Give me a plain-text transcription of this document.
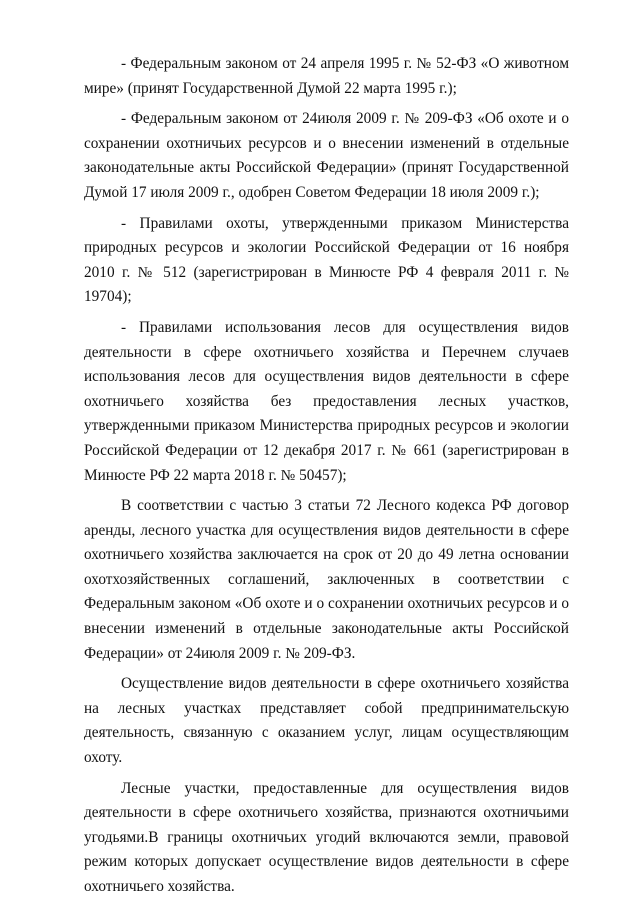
- Федеральным законом от 24 апреля 1995 г. № 52-ФЗ «О животном мире» (принят Государственной Думой 22 марта 1995 г.);

- Федеральным законом от 24июля 2009 г. № 209-ФЗ «Об охоте и о сохранении охотничьих ресурсов и о внесении изменений в отдельные законодательные акты Российской Федерации» (принят Государственной Думой 17 июля 2009 г., одобрен Советом Федерации 18 июля 2009 г.);

- Правилами охоты, утвержденными приказом Министерства природных ресурсов и экологии Российской Федерации от 16 ноября 2010 г. № 512 (зарегистрирован в Минюсте РФ 4 февраля 2011 г. № 19704);

- Правилами использования лесов для осуществления видов деятельности в сфере охотничьего хозяйства и Перечнем случаев использования лесов для осуществления видов деятельности в сфере охотничьего хозяйства без предоставления лесных участков, утвержденными приказом Министерства природных ресурсов и экологии Российской Федерации от 12 декабря 2017 г. № 661 (зарегистрирован в Минюсте РФ 22 марта 2018 г. № 50457);

В соответствии с частью 3 статьи 72 Лесного кодекса РФ договор аренды, лесного участка для осуществления видов деятельности в сфере охотничьего хозяйства заключается на срок от 20 до 49 летна основании охотхозяйственных соглашений, заключенных в соответствии с Федеральным законом «Об охоте и о сохранении охотничьих ресурсов и о внесении изменений в отдельные законодательные акты Российской Федерации» от 24июля 2009 г. № 209-ФЗ.

Осуществление видов деятельности в сфере охотничьего хозяйства на лесных участках представляет собой предпринимательскую деятельность, связанную с оказанием услуг, лицам осуществляющим охоту.

Лесные участки, предоставленные для осуществления видов деятельности в сфере охотничьего хозяйства, признаются охотничьими угодьями.В границы охотничьих угодий включаются земли, правовой режим которых допускает осуществление видов деятельности в сфере охотничьего хозяйства.
